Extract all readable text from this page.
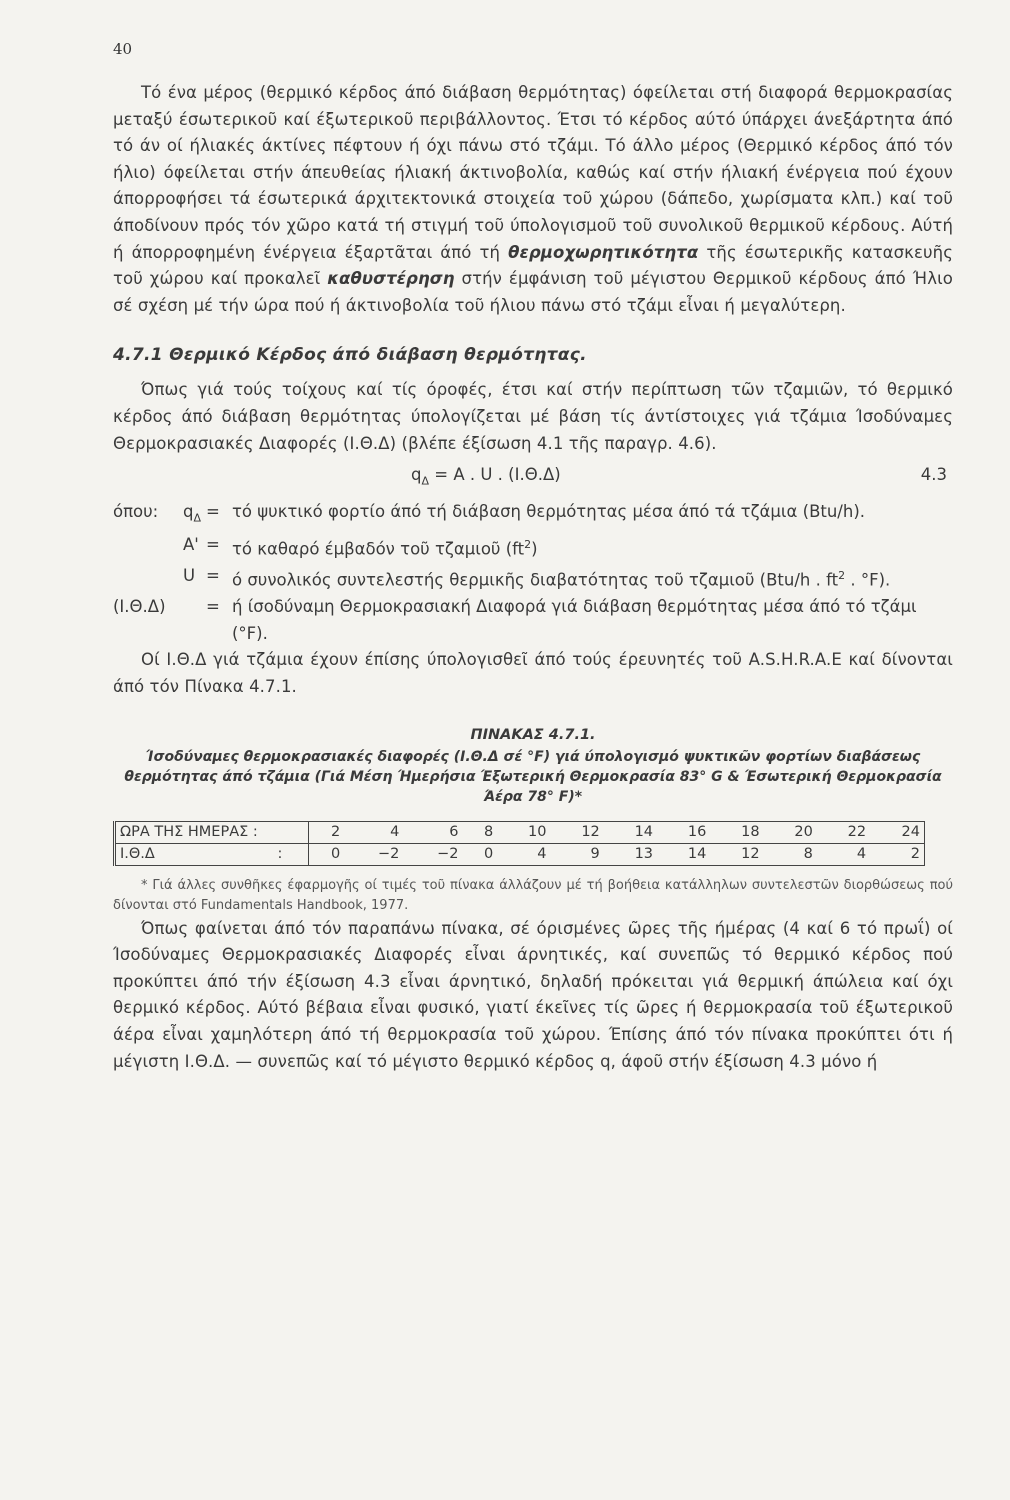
40

Τό ένα μέρος (θερμικό κέρδος άπό διάβαση θερμότητας) όφείλεται στή διαφορά θερμοκρασίας μεταξύ έσωτερικοῦ καί έξωτερικοῦ περιβάλλοντος. Έτσι τό κέρδος αύτό ύπάρχει άνεξάρτητα άπό τό άν οί ήλιακές άκτίνες πέφτουν ή όχι πάνω στό τζάμι. Τό άλλο μέρος (Θερμικό κέρδος άπό τόν ήλιο) όφείλεται στήν άπευθείας ήλιακή άκτινοβολία, καθώς καί στήν ήλιακή ένέργεια πού έχουν άπορροφήσει τά έσωτερικά άρχιτεκτονικά στοιχεία τοῦ χώρου (δάπεδο, χωρίσματα κλπ.) καί τοῦ άποδίνουν πρός τόν χῶρο κατά τή στιγμή τοῦ ύπολογισμοῦ τοῦ συνολικοῦ θερμικοῦ κέρδους. Αύτή ή άπορροφημένη ένέργεια έξαρτᾶται άπό τή θερμοχωρητικότητα τῆς έσωτερικῆς κατασκευῆς τοῦ χώρου καί προκαλεῖ καθυστέρηση στήν έμφάνιση τοῦ μέγιστου Θερμικοῦ κέρδους άπό Ήλιο σέ σχέση μέ τήν ώρα πού ή άκτινοβολία τοῦ ήλιου πάνω στό τζάμι εἶναι ή μεγαλύτερη.

4.7.1 Θερμικό Κέρδος άπό διάβαση θερμότητας.

Όπως γιά τούς τοίχους καί τίς όροφές, έτσι καί στήν περίπτωση τῶν τζαμιῶν, τό θερμικό κέρδος άπό διάβαση θερμότητας ύπολογίζεται μέ βάση τίς άντίστοιχες γιά τζάμια Ίσοδύναμες Θερμοκρασιακές Διαφορές (Ι.Θ.Δ) (βλέπε έξίσωση 4.1 τῆς παραγρ. 4.6).

$q_\Delta = A$ . U . (Ι.Θ.Δ)	4.3
όπου:	$q_\Delta = \tau ό$ ψυκτικό φορτίο άπό τή διάβαση θερμότητας μέσα άπό τά τζάμια (Btu/h).
A' = τό καθαρό έμβαδόν τοῦ τζαμιοῦ $(ft^2)$
U = ό συνολικός συντελεστής θερμικῆς διαβατότητας τοῦ τζαμιοῦ (Btu/h . $ft^2$ . °F).
(Ι.Θ.Δ)	= ή ίσοδύναμη Θερμοκρασιακή Διαφορά γιά διάβαση θερμότητας μέσα άπό τό τζάμι (°F).

Οί Ι.Θ.Δ γιά τζάμια έχουν έπίσης ύπολογισθεῖ άπό τούς έρευνητές τοῦ A.S.H.R.A.E καί δίνονται άπό τόν Πίνακα 4.7.1.

ΠΙΝΑΚΑΣ 4.7.1.
Ίσοδύναμες θερμοκρασιακές διαφορές (Ι.Θ.Δ σέ °F) γιά ύπολογισμό ψυκτικῶν φορτίων διαβάσεως θερμότητας άπό τζάμια (Γιά Μέση Ήμερήσια Έξωτερική Θερμοκρασία 83° G & Έσωτερική Θερμοκρασία Άέρα 78° F)*
ΩΡΑ ΤΗΣ ΗΜΕΡΑΣ :	2	4	6	8	10	12	14	16	18	20	22	24
Ι.Θ.Δ :	0	−2	−2	0	4	9	13	14	12	8	4	2
* Γιά άλλες συνθῆκες έφαρμογῆς οί τιμές τοῦ πίνακα άλλάζουν μέ τή βοήθεια κατάλληλων συντελεστῶν διορθώσεως πού δίνονται στό Fundamentals Handbook, 1977.

Όπως φαίνεται άπό τόν παραπάνω πίνακα, σέ όρισμένες ῶρες τῆς ήμέρας (4 καί 6 τό πρωΐ) οί Ίσοδύναμες Θερμοκρασιακές Διαφορές εἶναι άρνητικές, καί συνεπῶς τό θερμικό κέρδος πού προκύπτει άπό τήν έξίσωση 4.3 εἶναι άρνητικό, δηλαδή πρόκειται γιά θερμική άπώλεια καί όχι θερμικό κέρδος. Αύτό βέβαια εἶναι φυσικό, γιατί έκεῖνες τίς ῶρες ή θερμοκρασία τοῦ έξωτερικοῦ άέρα εἶναι χαμηλότερη άπό τή θερμοκρασία τοῦ χώρου. Έπίσης άπό τόν πίνακα προκύπτει ότι ή μέγιστη Ι.Θ.Δ. — συνεπῶς καί τό μέγιστο θερμικό κέρδος q, άφοῦ στήν έξίσωση 4.3 μόνο ή
